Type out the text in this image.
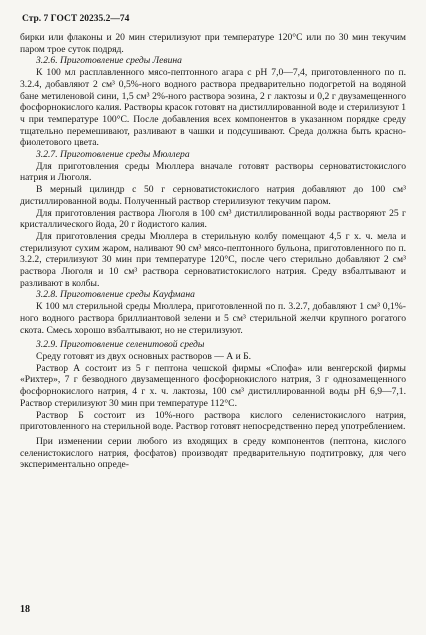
Стр. 7 ГОСТ 20235.2—74

бирки или флаконы и 20 мин стерилизуют при температуре 120°С или по 30 мин текучим паром трое суток подряд.

3.2.6. Приготовление среды Левина

К 100 мл расплавленного мясо-пептонного агара с pH 7,0—7,4, приготовленного по п. 3.2.4, добавляют 2 см³ 0,5%-ного водного раствора предварительно подогретой на водяной бане метиленовой сини, 1,5 см³ 2%-ного раствора эозина, 2 г лактозы и 0,2 г двузамещенного фосфорнокислого калия. Растворы красок готовят на дистиллированной воде и стерилизуют 1 ч при температуре 100°С. После добавления всех компонентов в указанном порядке среду тщательно перемешивают, разливают в чашки и подсушивают. Среда должна быть красно-фиолетового цвета.

3.2.7. Приготовление среды Мюллера

Для приготовления среды Мюллера вначале готовят растворы серноватистокислого натрия и Люголя.

В мерный цилиндр с 50 г серноватистокислого натрия добавляют до 100 см³ дистиллированной воды. Полученный раствор стерилизуют текучим паром.

Для приготовления раствора Люголя в 100 см³ дистиллированной воды растворяют 25 г кристаллического йода, 20 г йодистого калия.

Для приготовления среды Мюллера в стерильную колбу помещают 4,5 г х. ч. мела и стерилизуют сухим жаром, наливают 90 см³ мясо-пептонного бульона, приготовленного по п. 3.2.2, стерилизуют 30 мин при температуре 120°С, после чего стерильно добавляют 2 см³ раствора Люголя и 10 см³ раствора серноватистокислого натрия. Среду взбалтывают и разливают в колбы.

3.2.8. Приготовление среды Кауфмана

К 100 мл стерильной среды Мюллера, приготовленной по п. 3.2.7, добавляют 1 см³ 0,1%-ного водного раствора бриллиантовой зелени и 5 см³ стерильной желчи крупного рогатого скота. Смесь хорошо взбалтывают, но не стерилизуют.

3.2.9. Приготовление селенитовой среды

Среду готовят из двух основных растворов — А и Б.

Раствор А состоит из 5 г пептона чешской фирмы «Спофа» или венгерской фирмы «Рихтер», 7 г безводного двузамещенного фосфорнокислого натрия, 3 г однозамещенного фосфорнокислого натрия, 4 г х. ч. лактозы, 100 см³ дистиллированной воды pH 6,9—7,1. Раствор стерилизуют 30 мин при температуре 112°С.

Раствор Б состоит из 10%-ного раствора кислого селенистокислого натрия, приготовленного на стерильной воде. Раствор готовят непосредственно перед употреблением.

При изменении серии любого из входящих в среду компонентов (пептона, кислого селенистокислого натрия, фосфатов) производят предварительную подтитровку, для чего экспериментально опреде-

18
